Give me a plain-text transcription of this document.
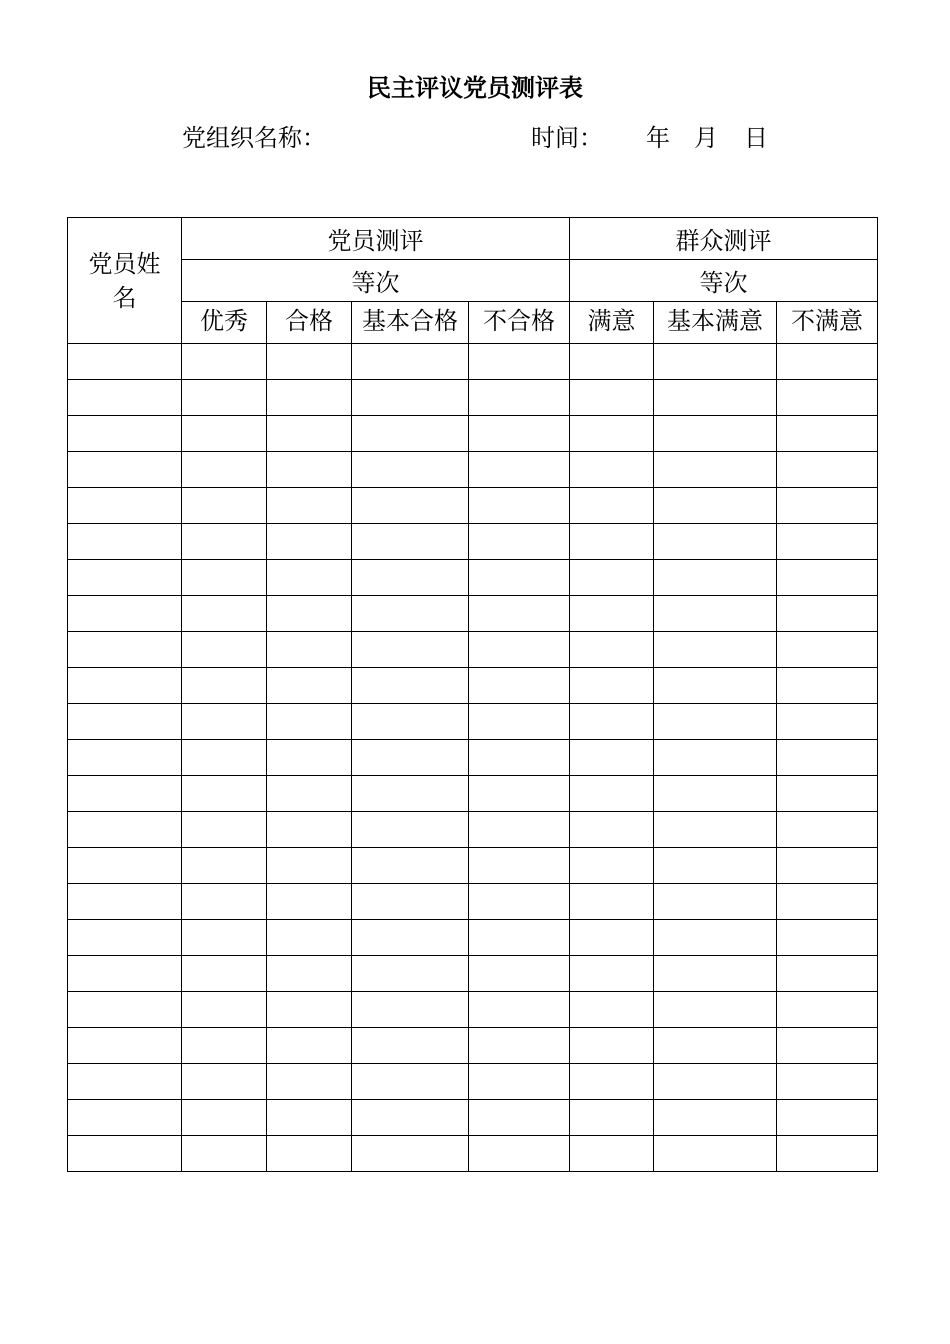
民主评议党员测评表
党组织名称：	时间： 年 月 日
党员姓名	党员测评				群众测评		
	等次				等次		

	优秀	合格	基本合格	不合格	满意	基本满意	不满意
